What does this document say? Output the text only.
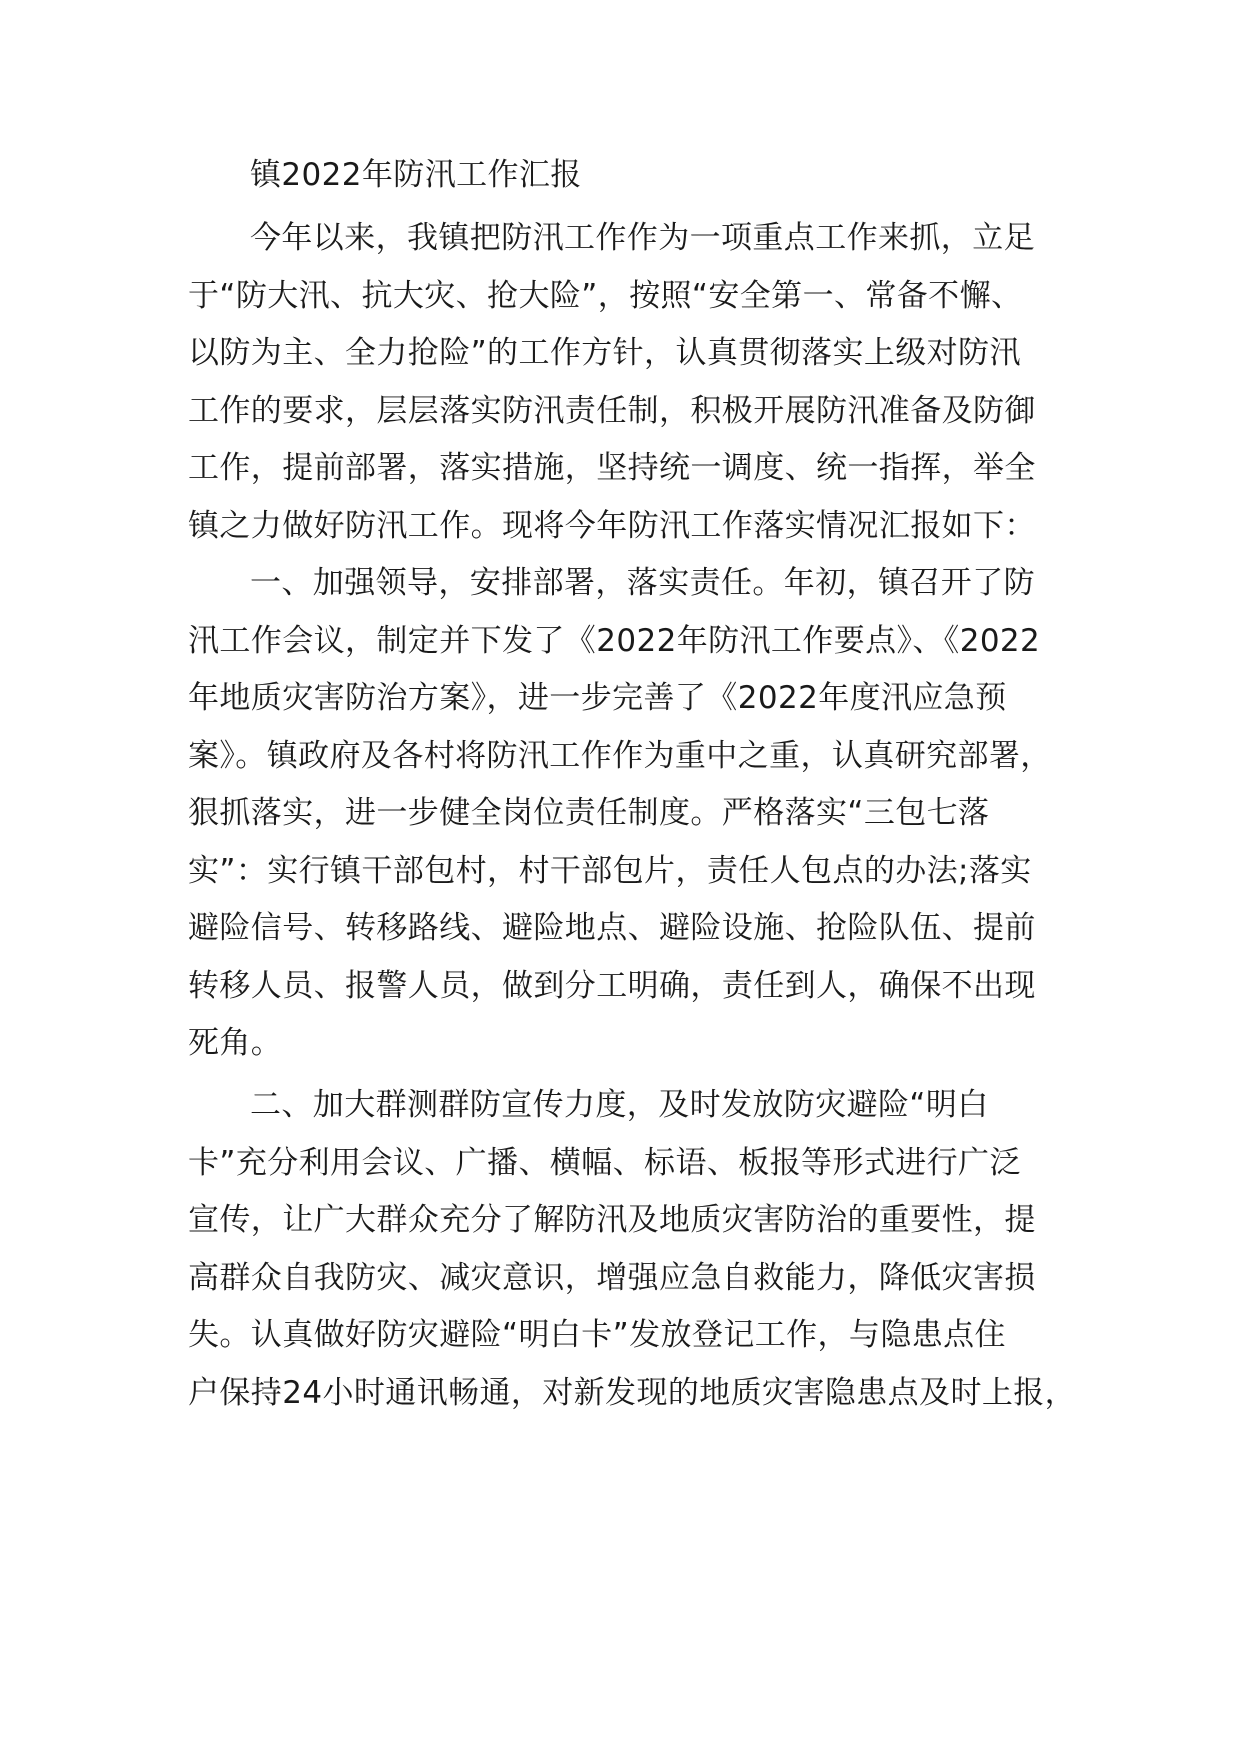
镇2022年防汛工作汇报
今年以来，我镇把防汛工作作为一项重点工作来抓，立足
于“防大汛、抗大灾、抢大险”，按照“安全第一、常备不懈、
以防为主、全力抢险”的工作方针，认真贯彻落实上级对防汛
工作的要求，层层落实防汛责任制，积极开展防汛准备及防御
工作，提前部署，落实措施，坚持统一调度、统一指挥，举全
镇之力做好防汛工作。现将今年防汛工作落实情况汇报如下：
一、加强领导，安排部署，落实责任。年初，镇召开了防
汛工作会议，制定并下发了《2022年防汛工作要点》、《2022
年地质灾害防治方案》，进一步完善了《2022年度汛应急预
案》。镇政府及各村将防汛工作作为重中之重，认真研究部署，
狠抓落实，进一步健全岗位责任制度。严格落实“三包七落
实”：实行镇干部包村，村干部包片，责任人包点的办法;落实
避险信号、转移路线、避险地点、避险设施、抢险队伍、提前
转移人员、报警人员，做到分工明确，责任到人，确保不出现
死角。
二、加大群测群防宣传力度，及时发放防灾避险“明白
卡”充分利用会议、广播、横幅、标语、板报等形式进行广泛
宣传，让广大群众充分了解防汛及地质灾害防治的重要性，提
高群众自我防灾、减灾意识，增强应急自救能力，降低灾害损
失。认真做好防灾避险“明白卡”发放登记工作，与隐患点住
户保持24小时通讯畅通，对新发现的地质灾害隐患点及时上报，
